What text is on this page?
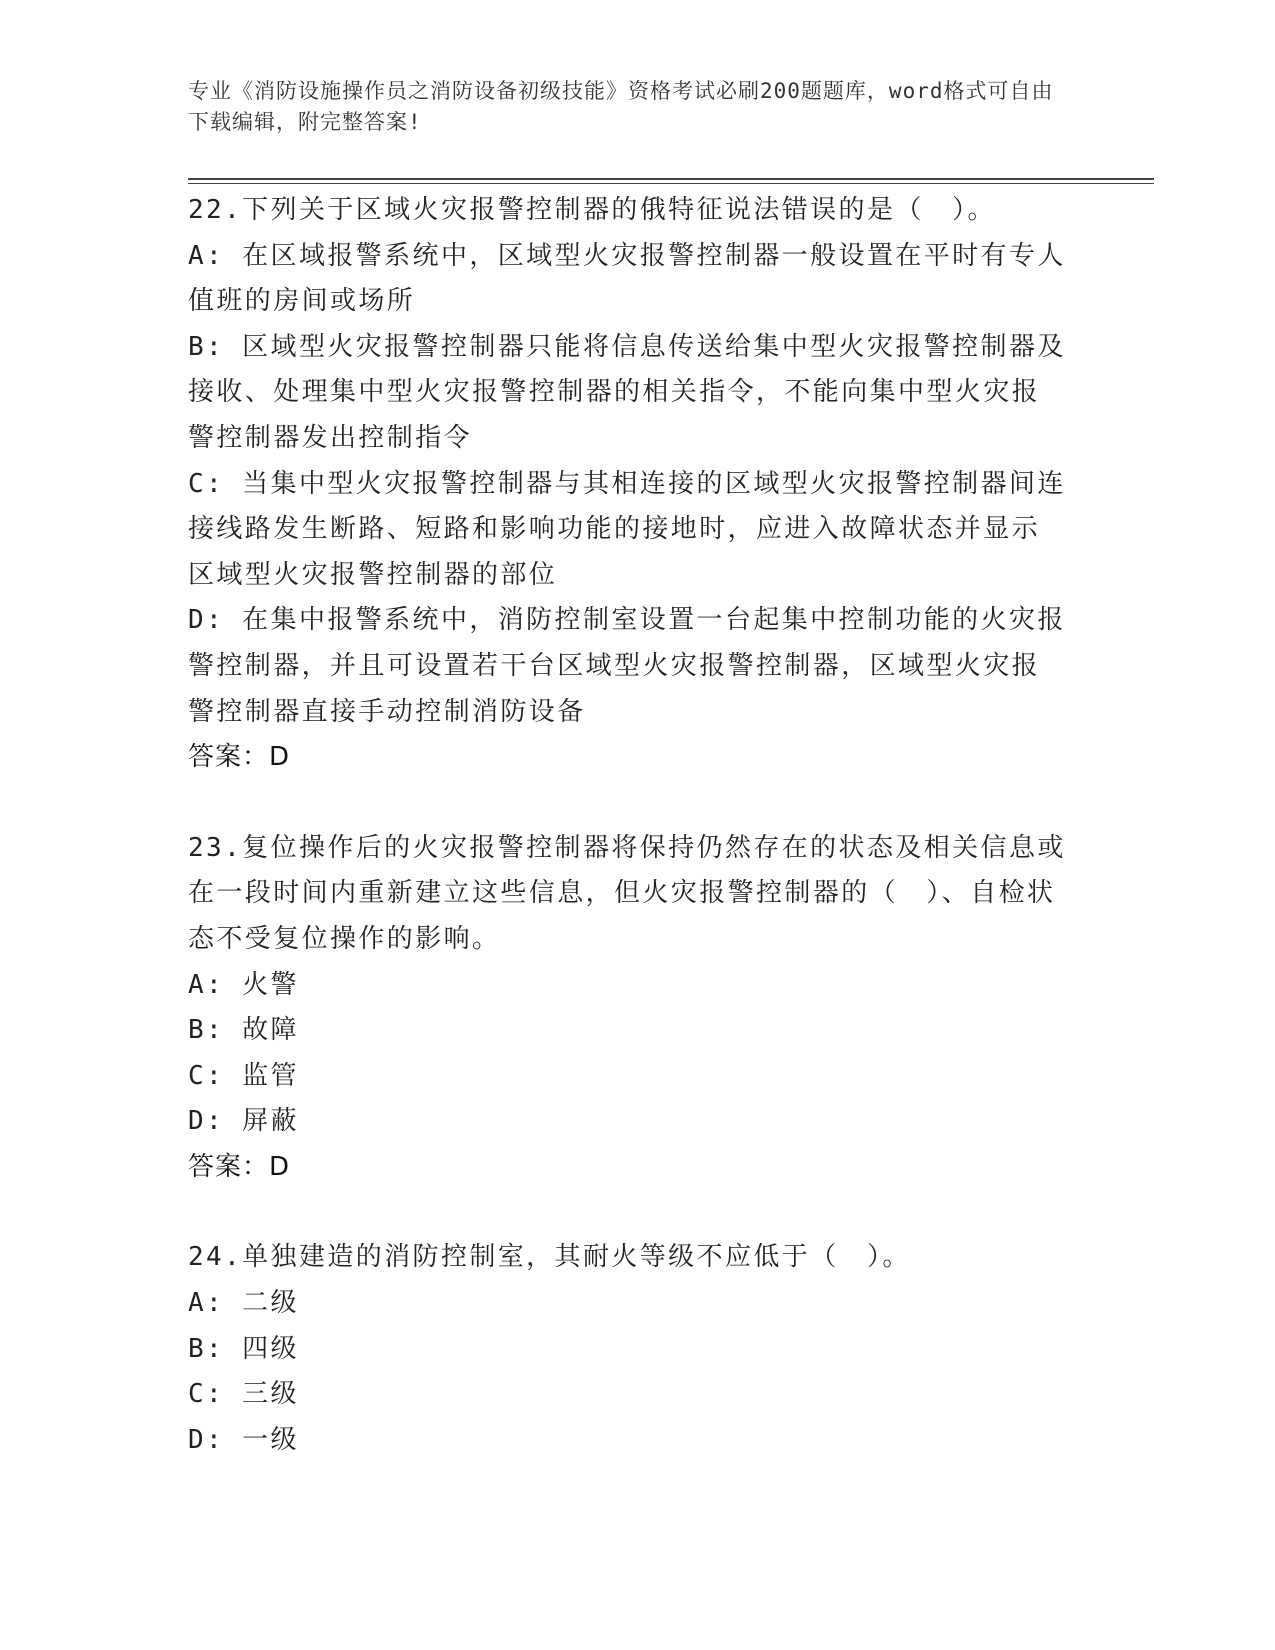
专业《消防设施操作员之消防设备初级技能》资格考试必刷200题题库，word格式可自由下载编辑，附完整答案!
22.下列关于区域火灾报警控制器的俄特征说法错误的是（　）。
A: 在区域报警系统中，区域型火灾报警控制器一般设置在平时有专人值班的房间或场所
B: 区域型火灾报警控制器只能将信息传送给集中型火灾报警控制器及接收、处理集中型火灾报警控制器的相关指令，不能向集中型火灾报警控制器发出控制指令
C: 当集中型火灾报警控制器与其相连接的区域型火灾报警控制器间连接线路发生断路、短路和影响功能的接地时，应进入故障状态并显示区域型火灾报警控制器的部位
D: 在集中报警系统中，消防控制室设置一台起集中控制功能的火灾报警控制器，并且可设置若干台区域型火灾报警控制器，区域型火灾报警控制器直接手动控制消防设备
答案：D
23.复位操作后的火灾报警控制器将保持仍然存在的状态及相关信息或在一段时间内重新建立这些信息，但火灾报警控制器的（　）、自检状态不受复位操作的影响。
A: 火警
B: 故障
C: 监管
D: 屏蔽
答案：D
24.单独建造的消防控制室，其耐火等级不应低于（　）。
A: 二级
B: 四级
C: 三级
D: 一级
